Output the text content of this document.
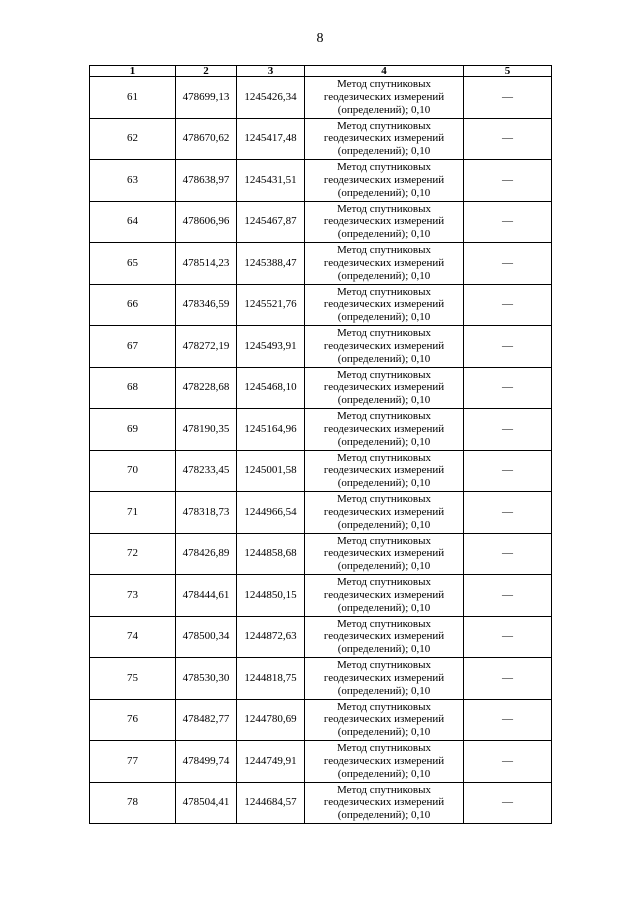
8
1	2	3	4	5
61	478699,13	1245426,34	Метод спутниковых
геодезических измерений
(определений); 0,10	—
62	478670,62	1245417,48	Метод спутниковых
геодезических измерений
(определений); 0,10	—
63	478638,97	1245431,51	Метод спутниковых
геодезических измерений
(определений); 0,10	—
64	478606,96	1245467,87	Метод спутниковых
геодезических измерений
(определений); 0,10	—
65	478514,23	1245388,47	Метод спутниковых
геодезических измерений
(определений); 0,10	—
66	478346,59	1245521,76	Метод спутниковых
геодезических измерений
(определений); 0,10	—
67	478272,19	1245493,91	Метод спутниковых
геодезических измерений
(определений); 0,10	—
68	478228,68	1245468,10	Метод спутниковых
геодезических измерений
(определений); 0,10	—
69	478190,35	1245164,96	Метод спутниковых
геодезических измерений
(определений); 0,10	—
70	478233,45	1245001,58	Метод спутниковых
геодезических измерений
(определений); 0,10	—
71	478318,73	1244966,54	Метод спутниковых
геодезических измерений
(определений); 0,10	—
72	478426,89	1244858,68	Метод спутниковых
геодезических измерений
(определений); 0,10	—
73	478444,61	1244850,15	Метод спутниковых
геодезических измерений
(определений); 0,10	—
74	478500,34	1244872,63	Метод спутниковых
геодезических измерений
(определений); 0,10	—
75	478530,30	1244818,75	Метод спутниковых
геодезических измерений
(определений); 0,10	—
76	478482,77	1244780,69	Метод спутниковых
геодезических измерений
(определений); 0,10	—
77	478499,74	1244749,91	Метод спутниковых
геодезических измерений
(определений); 0,10	—
78	478504,41	1244684,57	Метод спутниковых
геодезических измерений
(определений); 0,10	—
